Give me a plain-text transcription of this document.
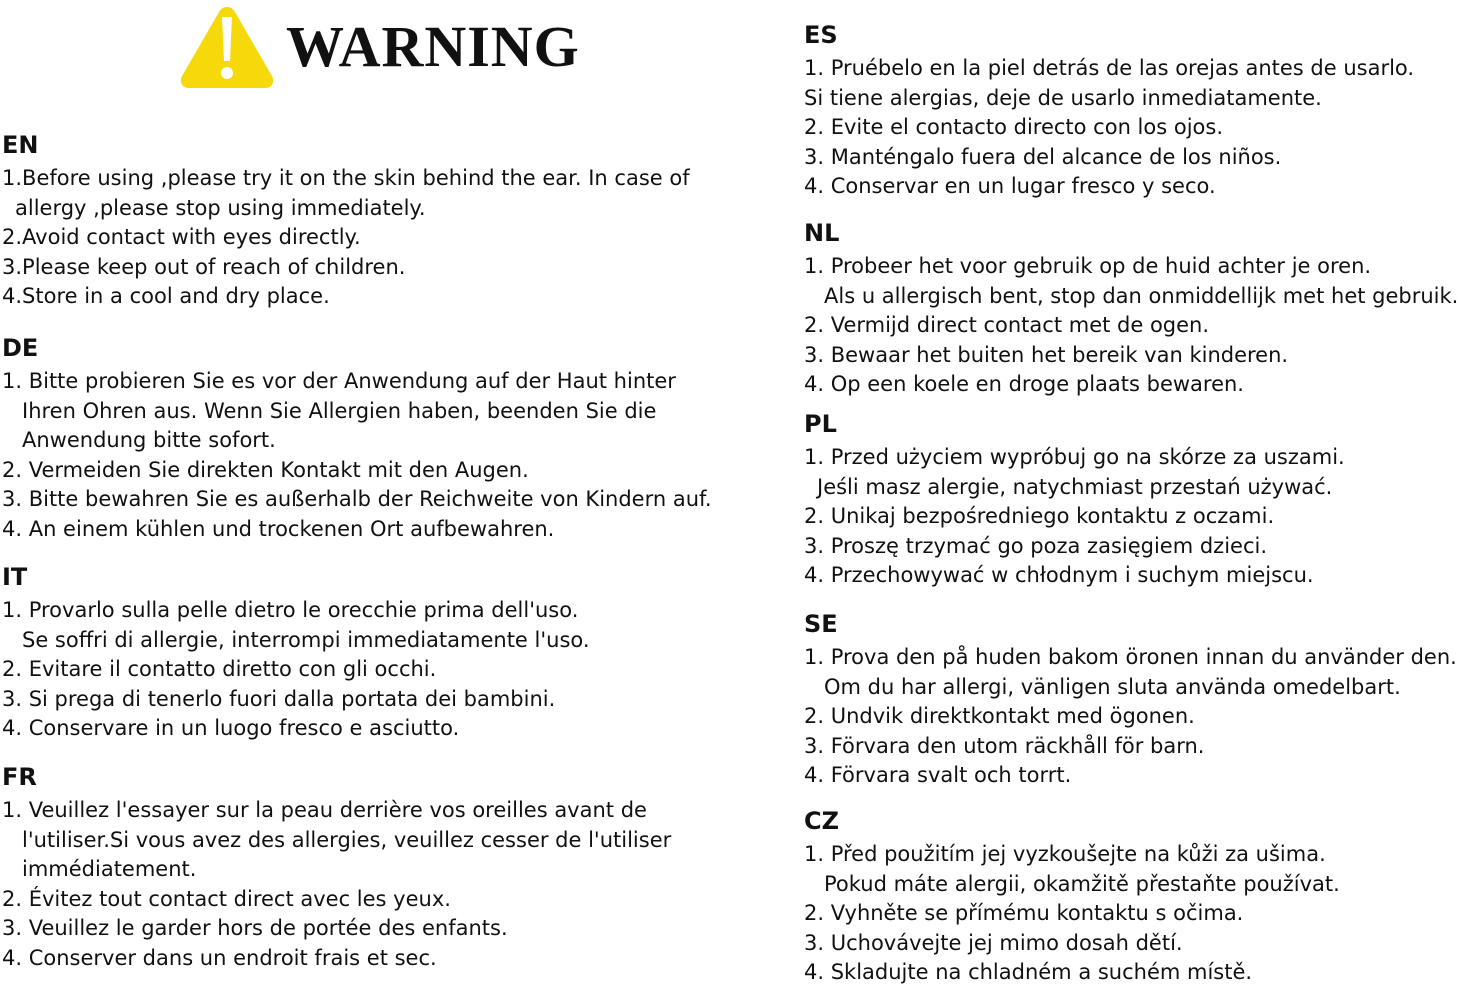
WARNING
EN
1.Before using ,please try it on the skin behind the ear. In case of
allergy ,please stop using immediately.
2.Avoid contact with eyes directly.
3.Please keep out of reach of children.
4.Store in a cool and dry place.
DE
1. Bitte probieren Sie es vor der Anwendung auf der Haut hinter
Ihren Ohren aus. Wenn Sie Allergien haben, beenden Sie die
Anwendung bitte sofort.
2. Vermeiden Sie direkten Kontakt mit den Augen.
3. Bitte bewahren Sie es außerhalb der Reichweite von Kindern auf.
4. An einem kühlen und trockenen Ort aufbewahren.
IT
1. Provarlo sulla pelle dietro le orecchie prima dell'uso.
Se soffri di allergie, interrompi immediatamente l'uso.
2. Evitare il contatto diretto con gli occhi.
3. Si prega di tenerlo fuori dalla portata dei bambini.
4. Conservare in un luogo fresco e asciutto.
FR
1. Veuillez l'essayer sur la peau derrière vos oreilles avant de
l'utiliser.Si vous avez des allergies, veuillez cesser de l'utiliser
immédiatement.
2. Évitez tout contact direct avec les yeux.
3. Veuillez le garder hors de portée des enfants.
4. Conserver dans un endroit frais et sec.
ES
1. Pruébelo en la piel detrás de las orejas antes de usarlo.
Si tiene alergias, deje de usarlo inmediatamente.
2. Evite el contacto directo con los ojos.
3. Manténgalo fuera del alcance de los niños.
4. Conservar en un lugar fresco y seco.
NL
1. Probeer het voor gebruik op de huid achter je oren.
Als u allergisch bent, stop dan onmiddellijk met het gebruik.
2. Vermijd direct contact met de ogen.
3. Bewaar het buiten het bereik van kinderen.
4. Op een koele en droge plaats bewaren.
PL
1. Przed użyciem wypróbuj go na skórze za uszami.
Jeśli masz alergie, natychmiast przestań używać.
2. Unikaj bezpośredniego kontaktu z oczami.
3. Proszę trzymać go poza zasięgiem dzieci.
4. Przechowywać w chłodnym i suchym miejscu.
SE
1. Prova den på huden bakom öronen innan du använder den.
Om du har allergi, vänligen sluta använda omedelbart.
2. Undvik direktkontakt med ögonen.
3. Förvara den utom räckhåll för barn.
4. Förvara svalt och torrt.
CZ
1. Před použitím jej vyzkoušejte na kůži za ušima.
Pokud máte alergii, okamžitě přestaňte používat.
2. Vyhněte se přímému kontaktu s očima.
3. Uchovávejte jej mimo dosah dětí.
4. Skladujte na chladném a suchém místě.
